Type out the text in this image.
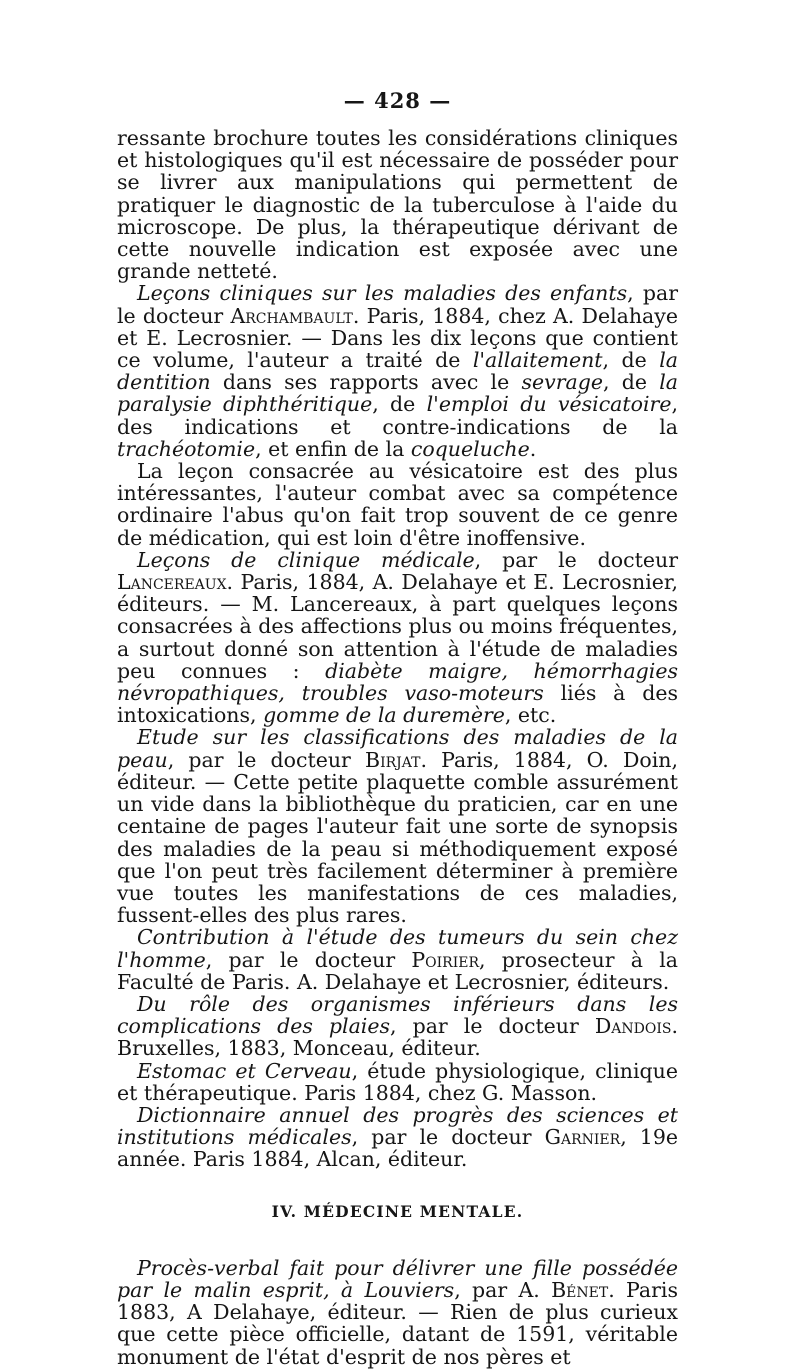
— 428 —

ressante brochure toutes les considérations cliniques et histologiques qu'il est nécessaire de posséder pour se livrer aux manipulations qui permettent de pratiquer le diagnostic de la tuberculose à l'aide du microscope. De plus, la thérapeutique dérivant de cette nouvelle indication est exposée avec une grande netteté.

Leçons cliniques sur les maladies des enfants, par le docteur Archambault. Paris, 1884, chez A. Delahaye et E. Lecrosnier. — Dans les dix leçons que contient ce volume, l'auteur a traité de l'allaitement, de la dentition dans ses rapports avec le sevrage, de la paralysie diphthéritique, de l'emploi du vésicatoire, des indications et contre-indications de la trachéotomie, et enfin de la coqueluche.

La leçon consacrée au vésicatoire est des plus intéressantes, l'auteur combat avec sa compétence ordinaire l'abus qu'on fait trop souvent de ce genre de médication, qui est loin d'être inoffensive.

Leçons de clinique médicale, par le docteur Lancereaux. Paris, 1884, A. Delahaye et E. Lecrosnier, éditeurs. — M. Lancereaux, à part quelques leçons consacrées à des affections plus ou moins fréquentes, a surtout donné son attention à l'étude de maladies peu connues : diabète maigre, hémorrhagies névropathiques, troubles vaso-moteurs liés à des intoxications, gomme de la duremère, etc.

Etude sur les classifications des maladies de la peau, par le docteur Birjat. Paris, 1884, O. Doin, éditeur. — Cette petite plaquette comble assurément un vide dans la bibliothèque du praticien, car en une centaine de pages l'auteur fait une sorte de synopsis des maladies de la peau si méthodiquement exposé que l'on peut très facilement déterminer à première vue toutes les manifestations de ces maladies, fussent-elles des plus rares.

Contribution à l'étude des tumeurs du sein chez l'homme, par le docteur Poirier, prosecteur à la Faculté de Paris. A. Delahaye et Lecrosnier, éditeurs.

Du rôle des organismes inférieurs dans les complications des plaies, par le docteur Dandois. Bruxelles, 1883, Monceau, éditeur.

Estomac et Cerveau, étude physiologique, clinique et thérapeutique. Paris 1884, chez G. Masson.

Dictionnaire annuel des progrès des sciences et institutions médicales, par le docteur Garnier, 19e année. Paris 1884, Alcan, éditeur.

IV. MÉDECINE MENTALE.

Procès-verbal fait pour délivrer une fille possédée par le malin esprit, à Louviers, par A. Bénet. Paris 1883, A Delahaye, éditeur. — Rien de plus curieux que cette pièce officielle, datant de 1591, véritable monument de l'état d'esprit de nos pères et
